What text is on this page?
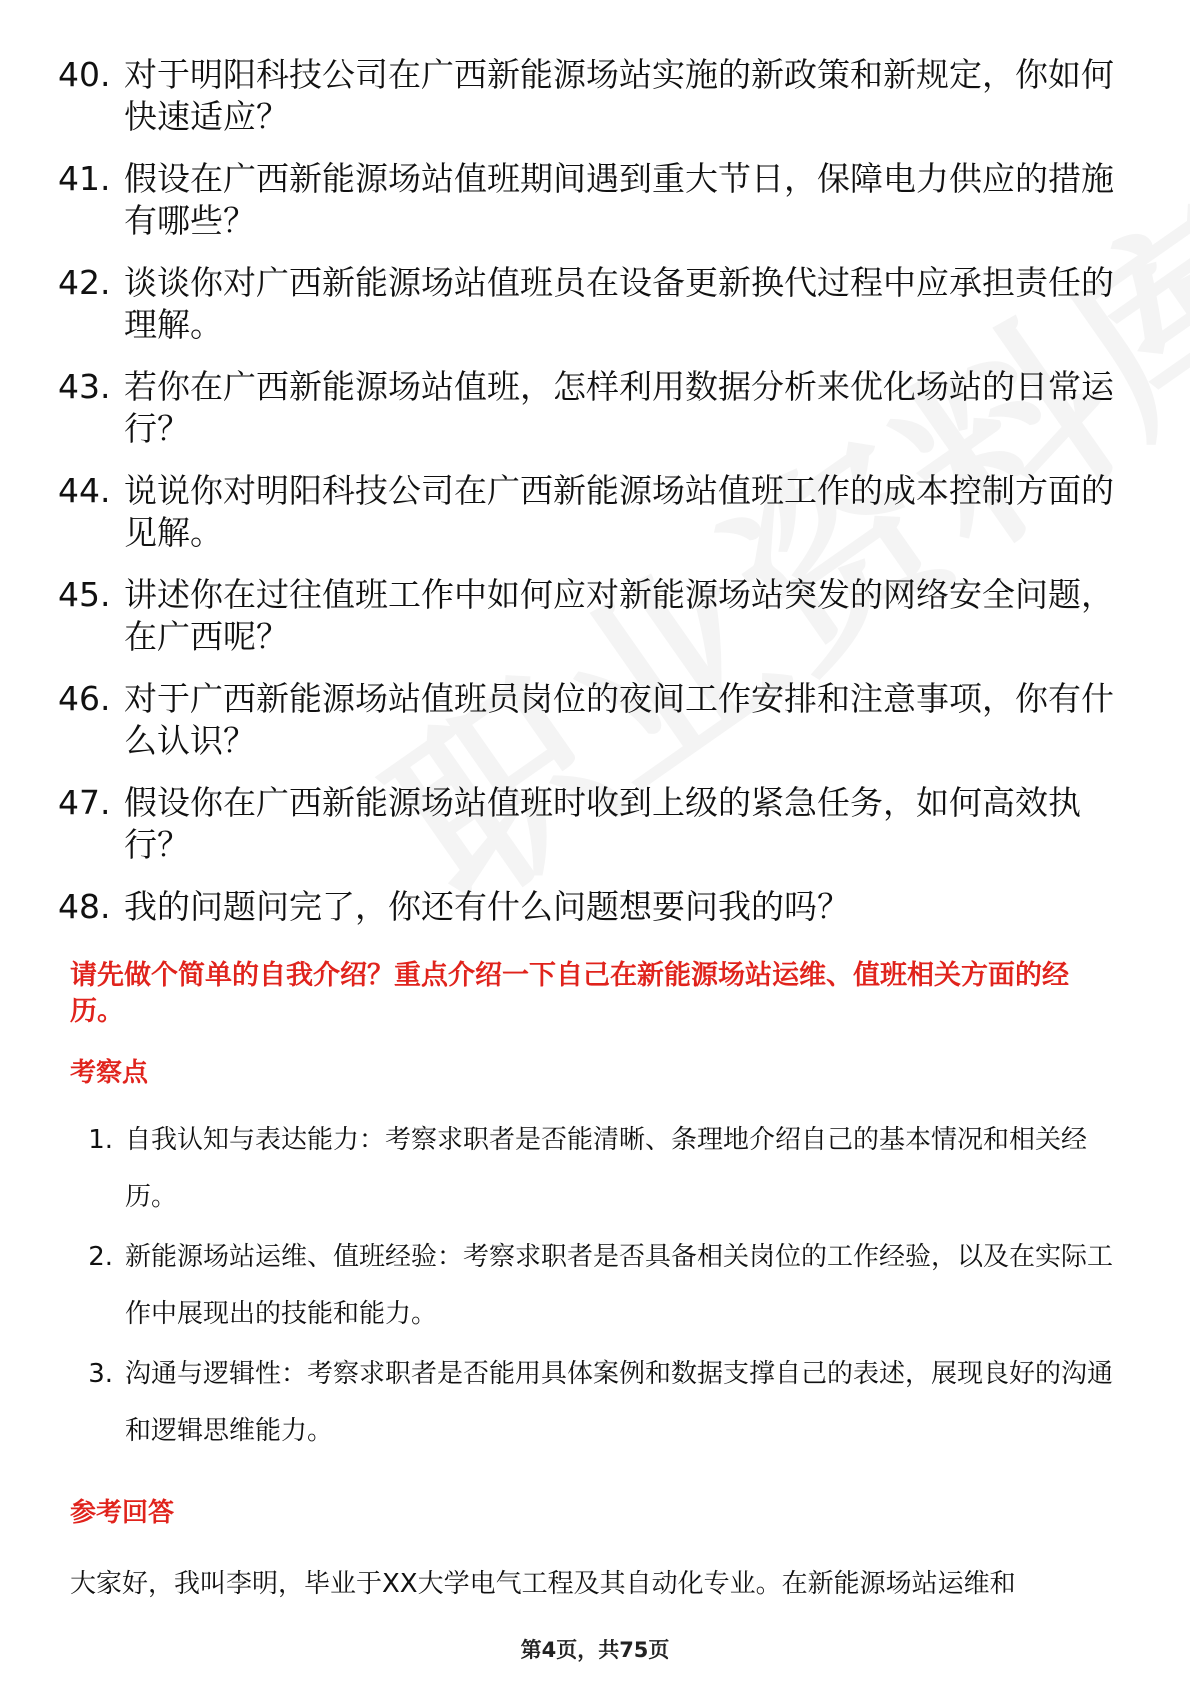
40. 对于明阳科技公司在广西新能源场站实施的新政策和新规定，你如何快速适应？
41. 假设在广西新能源场站值班期间遇到重大节日，保障电力供应的措施有哪些？
42. 谈谈你对广西新能源场站值班员在设备更新换代过程中应承担责任的理解。
43. 若你在广西新能源场站值班，怎样利用数据分析来优化场站的日常运行？
44. 说说你对明阳科技公司在广西新能源场站值班工作的成本控制方面的见解。
45. 讲述你在过往值班工作中如何应对新能源场站突发的网络安全问题，在广西呢？
46. 对于广西新能源场站值班员岗位的夜间工作安排和注意事项，你有什么认识？
47. 假设你在广西新能源场站值班时收到上级的紧急任务，如何高效执行？
48. 我的问题问完了，你还有什么问题想要问我的吗？
请先做个简单的自我介绍？重点介绍一下自己在新能源场站运维、值班相关方面的经历。
考察点
1. 自我认知与表达能力：考察求职者是否能清晰、条理地介绍自己的基本情况和相关经历。
2. 新能源场站运维、值班经验：考察求职者是否具备相关岗位的工作经验，以及在实际工作中展现出的技能和能力。
3. 沟通与逻辑性：考察求职者是否能用具体案例和数据支撑自己的表述，展现良好的沟通和逻辑思维能力。
参考回答
大家好，我叫李明，毕业于XX大学电气工程及其自动化专业。在新能源场站运维和
第4页，共75页
